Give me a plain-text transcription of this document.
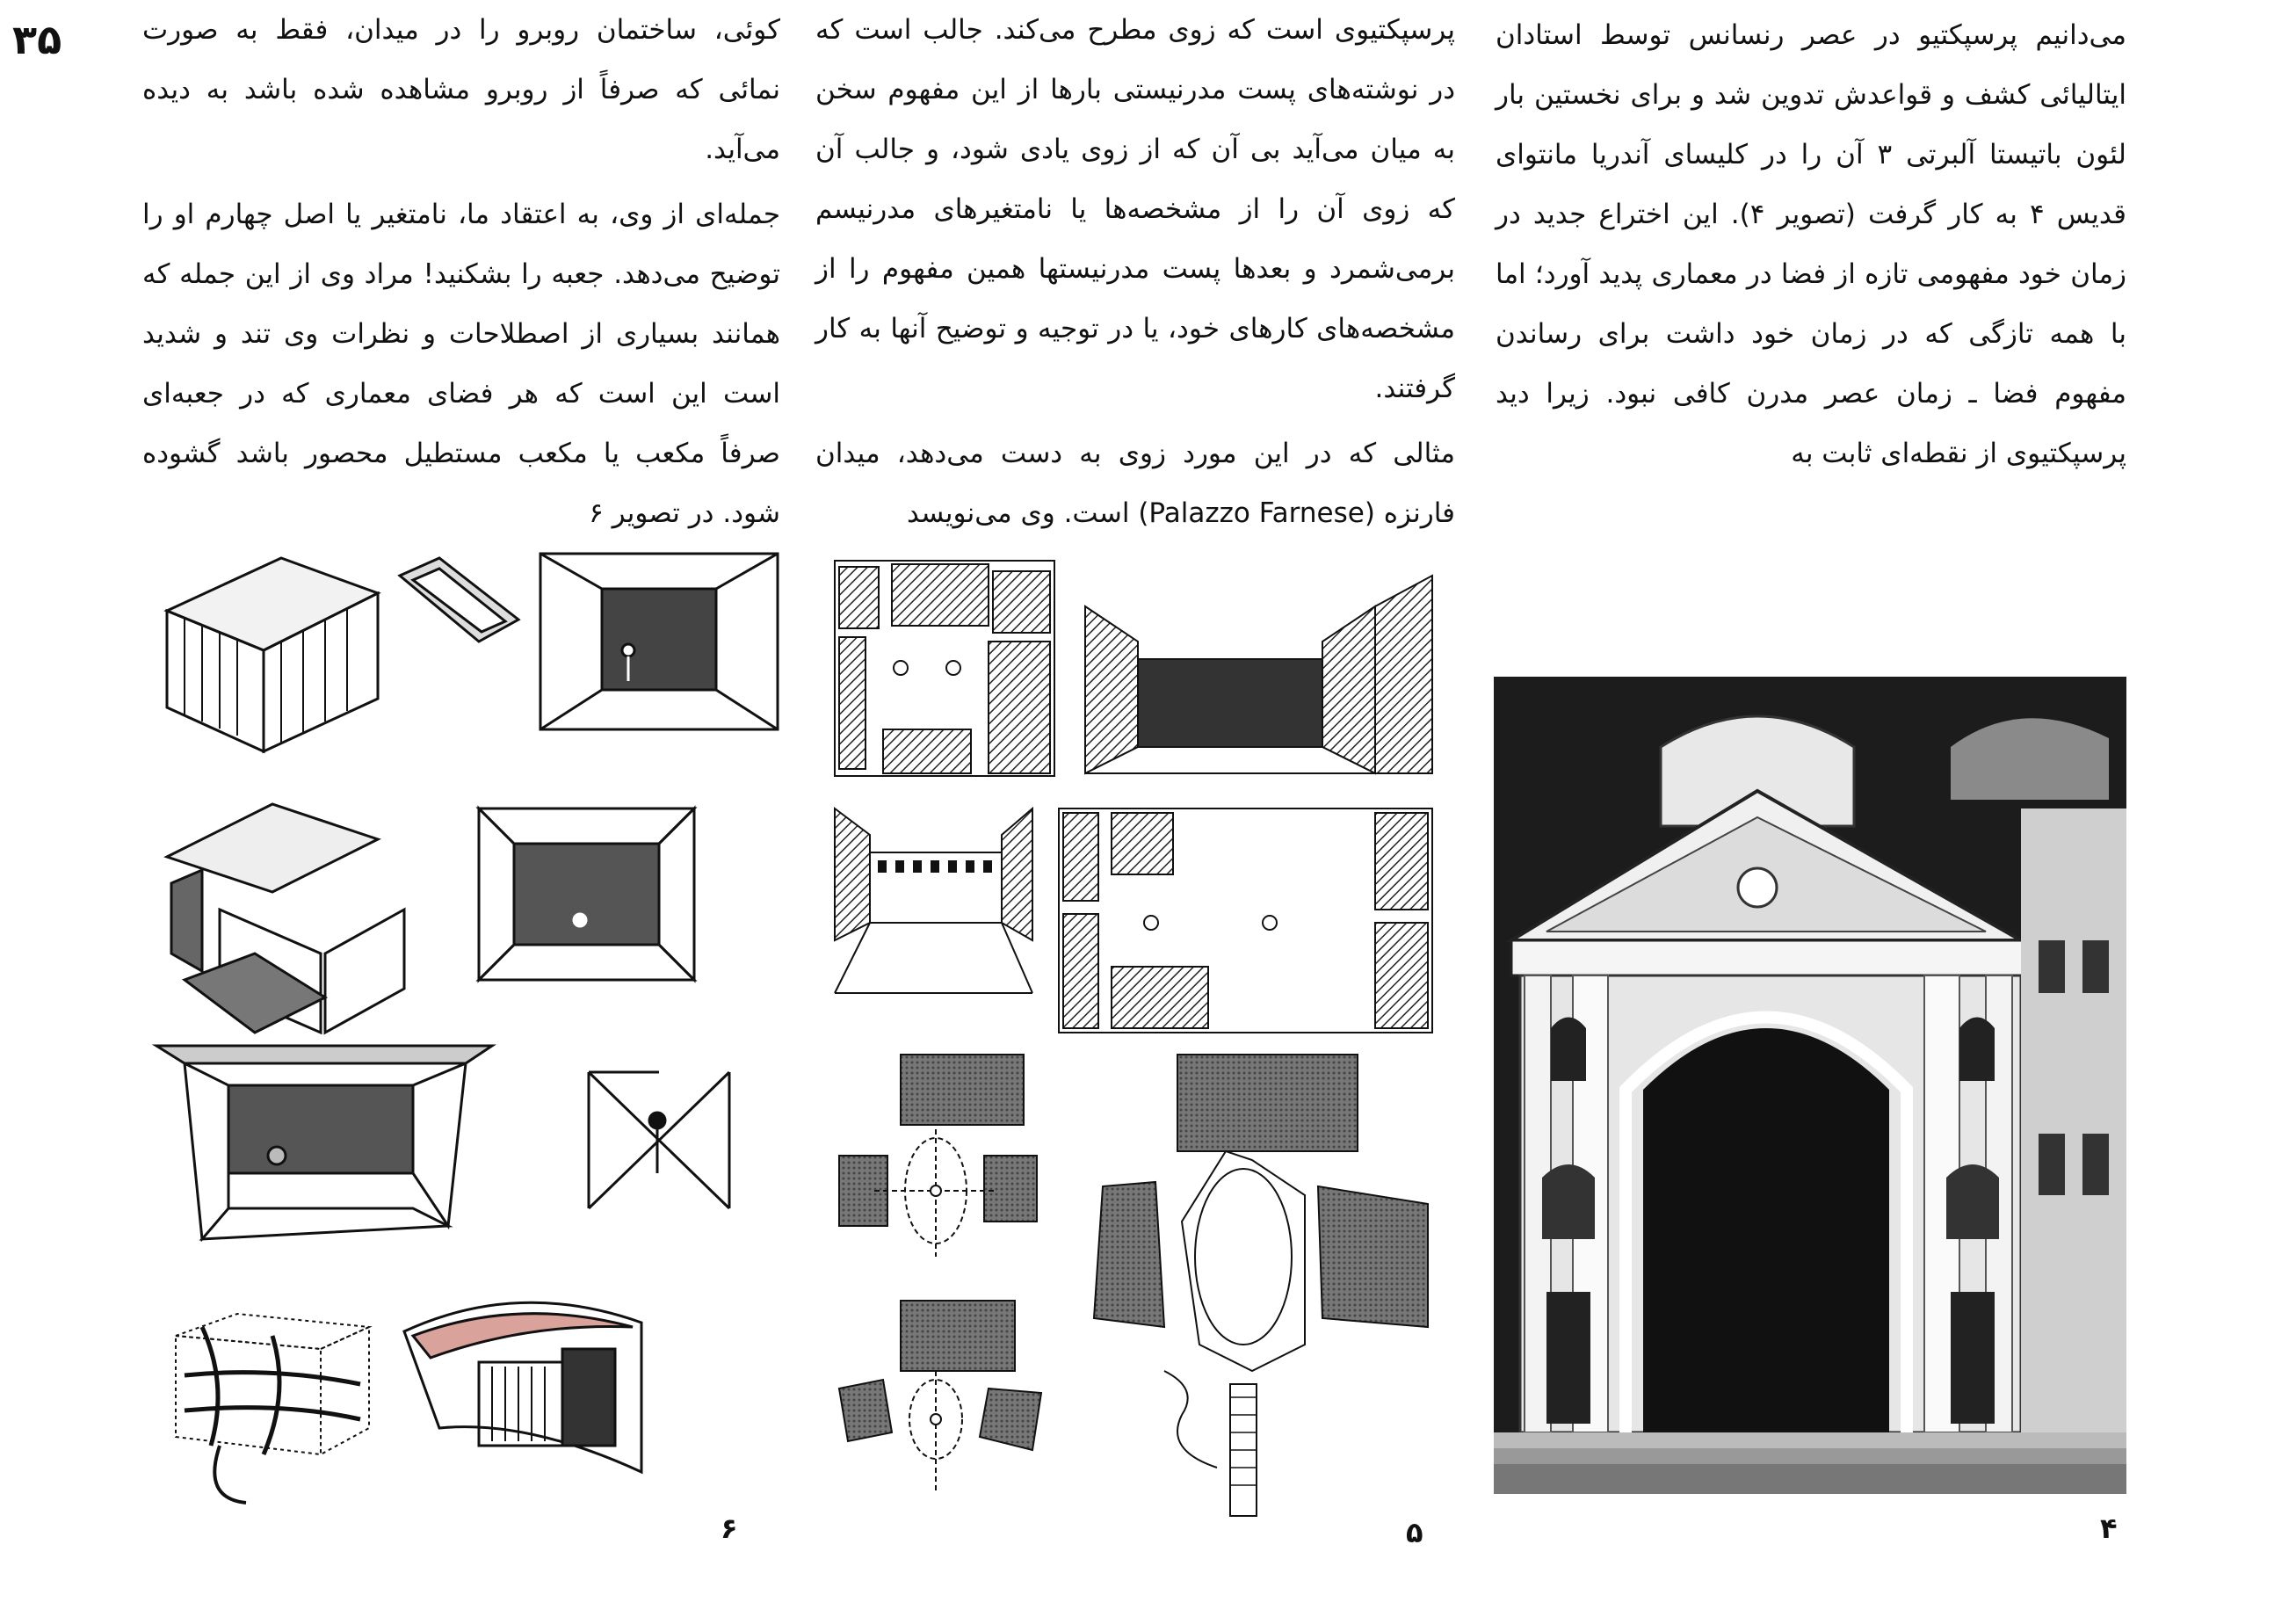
۳۵	کوئی، ساختمان روبرو را در میدان، فقط به صورت نمائی که صرفاً از روبرو مشاهده شده باشد به دیده می‌آید.

جمله‌ای از وی، به اعتقاد ما، نامتغیر یا اصل چهارم او را توضیح می‌دهد. جعبه را بشکنید! مراد وی از این جمله که همانند بسیاری از اصطلاحات و نظرات وی تند و شدید است این است که هر فضای معماری که در جعبه‌ای صرفاً مکعب یا مکعب مستطیل محصور باشد گشوده شود. در تصویر ۶

پرسپکتیوی است که زوی مطرح می‌کند. جالب است که در نوشته‌های پست مدرنیستی بارها از این مفهوم سخن به میان می‌آید بی آن که از زوی یادی شود، و جالب آن که زوی آن را از مشخصه‌ها یا نامتغیرهای مدرنیسم برمی‌شمرد و بعدها پست مدرنیستها همین مفهوم را از مشخصه‌های کارهای خود، یا در توجیه و توضیح آنها به کار گرفتند.

مثالی که در این مورد زوی به دست می‌دهد، میدان فارنزه (Palazzo Farnese) است. وی می‌نویسد

می‌دانیم پرسپکتیو در عصر رنسانس توسط استادان ایتالیائی کشف و قواعدش تدوین شد و برای نخستین بار لئون باتیستا آلبرتی ۳ آن را در کلیسای آندریا مانتوای قدیس ۴ به کار گرفت (تصویر ۴). این اختراع جدید در زمان خود مفهومی تازه از فضا در معماری پدید آورد؛ اما با همه تازگی که در زمان خود داشت برای رساندن مفهوم فضا ـ زمان عصر مدرن کافی نبود. زیرا دید پرسپکتیوی از نقطه‌ای ثابت به

۶	۵	۴
